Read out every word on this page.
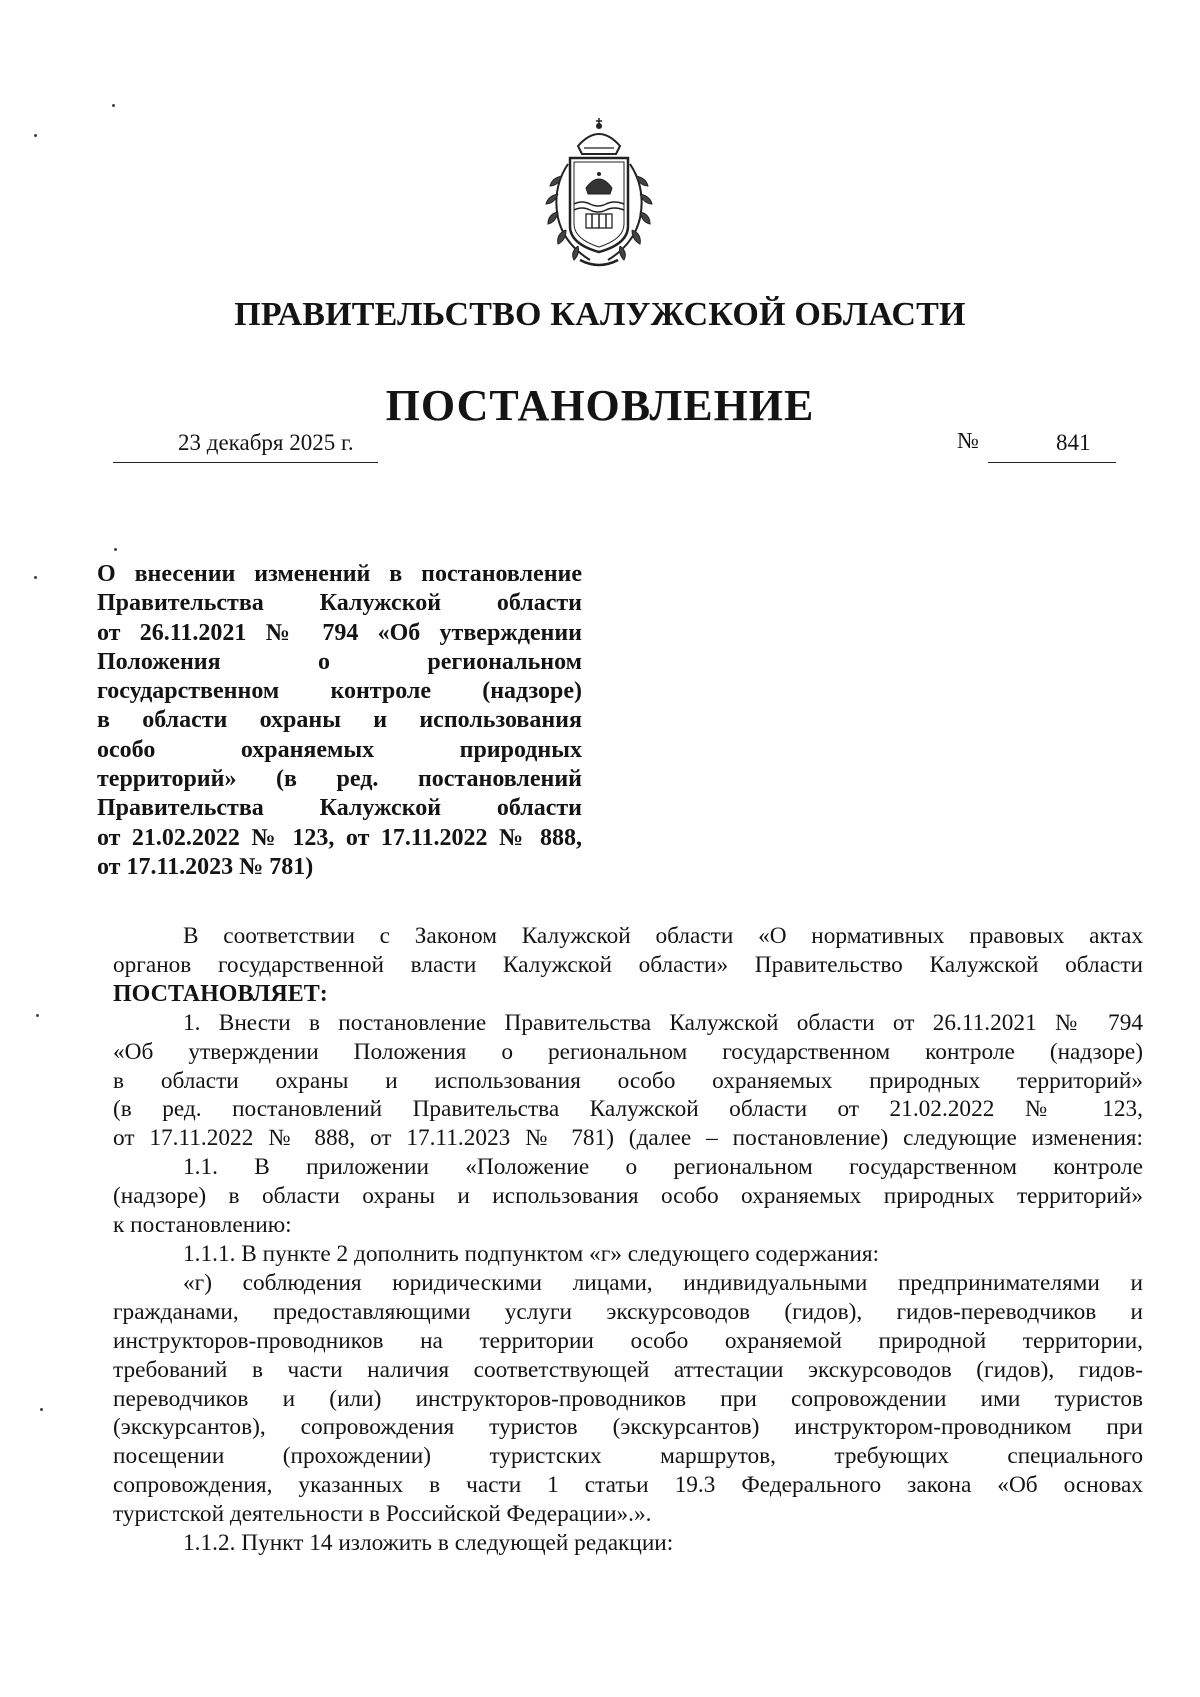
ПРАВИТЕЛЬСТВО КАЛУЖСКОЙ ОБЛАСТИ
ПОСТАНОВЛЕНИЕ
23 декабря 2025 г.	№	841
О внесении изменений в постановление
Правительства Калужской области
от 26.11.2021 № 794 «Об утверждении
Положения о региональном
государственном контроле (надзоре)
в области охраны и использования
особо охраняемых природных
территорий» (в ред. постановлений
Правительства Калужской области
от 21.02.2022 № 123, от 17.11.2022 № 888,
от 17.11.2023 № 781)
В соответствии с Законом Калужской области «О нормативных правовых актах
органов государственной власти Калужской области» Правительство Калужской области
ПОСТАНОВЛЯЕТ:
1. Внести в постановление Правительства Калужской области от 26.11.2021 № 794
«Об утверждении Положения о региональном государственном контроле (надзоре)
в области охраны и использования особо охраняемых природных территорий»
(в ред. постановлений Правительства Калужской области от 21.02.2022 № 123,
от 17.11.2022 № 888, от 17.11.2023 № 781) (далее – постановление) следующие изменения:
1.1. В приложении «Положение о региональном государственном контроле
(надзоре) в области охраны и использования особо охраняемых природных территорий»
к постановлению:
1.1.1. В пункте 2 дополнить подпунктом «г» следующего содержания:
«г) соблюдения юридическими лицами, индивидуальными предпринимателями и
гражданами, предоставляющими услуги экскурсоводов (гидов), гидов-переводчиков и
инструкторов-проводников на территории особо охраняемой природной территории,
требований в части наличия соответствующей аттестации экскурсоводов (гидов), гидов-
переводчиков и (или) инструкторов-проводников при сопровождении ими туристов
(экскурсантов), сопровождения туристов (экскурсантов) инструктором-проводником при
посещении (прохождении) туристских маршрутов, требующих специального
сопровождения, указанных в части 1 статьи 19.3 Федерального закона «Об основах
туристской деятельности в Российской Федерации».».
1.1.2. Пункт 14 изложить в следующей редакции:
